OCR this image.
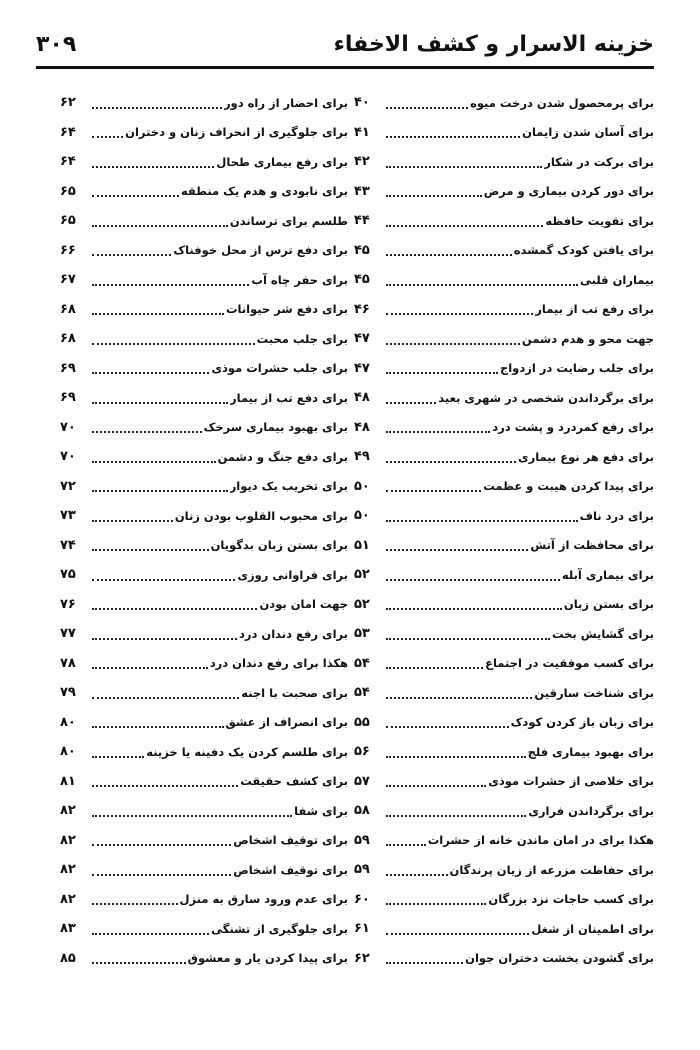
خزینه الاسرار و کشف الاخفاء
۳۰۹
برای پرمحصول شدن درخت میوه
۴۰
برای آسان شدن زایمان
۴۱
برای برکت در شکار
۴۲
برای دور کردن بیماری و مرض
۴۳
برای تقویت حافظه
۴۴
برای یافتن کودک گمشده
۴۵
بیماران قلبی
۴۵
برای رفع تب از بیمار
۴۶
جهت محو و هدم دشمن
۴۷
برای جلب رضایت در ازدواج
۴۷
برای برگرداندن شخصی در شهری بعید
۴۸
برای رفع کمردرد و پشت درد
۴۸
برای دفع هر نوع بیماری
۴۹
برای پیدا کردن هیبت و عظمت
۵۰
برای درد ناف
۵۰
برای محافظت از آتش
۵۱
برای بیماری آبله
۵۲
برای بستن زبان
۵۲
برای گشایش بخت
۵۳
برای کسب موفقیت در اجتماع
۵۴
برای شناخت سارقین
۵۴
برای زبان باز کردن کودک
۵۵
برای بهبود بیماری فلج
۵۶
برای خلاصی از حشرات موذی
۵۷
برای برگرداندن فراری
۵۸
هکذا برای در امان ماندن خانه از حشرات
۵۹
برای حفاظت مزرعه از زیان پرندگان
۵۹
برای کسب حاجات نزد بزرگان
۶۰
برای اطمینان از شغل
۶۱
برای گشودن بخشت دختران جوان
۶۲
برای احضار از راه دور
۶۲
برای جلوگیری از انحراف زنان و دختران
۶۴
برای رفع بیماری طحال
۶۴
برای نابودی و هدم یک منطقه
۶۵
طلسم برای ترساندن
۶۵
برای دفع ترس از محل خوفناک
۶۶
برای حفر چاه آب
۶۷
برای دفع شر حیوانات
۶۸
برای جلب محبت
۶۸
برای جلب حشرات موذی
۶۹
برای دفع تب از بیمار
۶۹
برای بهبود بیماری سرخک
۷۰
برای دفع جنگ و دشمن
۷۰
برای تخریب یک دیوار
۷۲
برای محبوب القلوب بودن زنان
۷۳
برای بستن زبان بدگویان
۷۴
برای فراوانی روزی
۷۵
جهت امان بودن
۷۶
برای رفع دندان درد
۷۷
هکذا برای رفع دندان درد
۷۸
برای صحبت با اجنه
۷۹
برای انصراف از عشق
۸۰
برای طلسم کردن یک دفینه یا خزینه
۸۰
برای کشف حقیقت
۸۱
برای شفا
۸۲
برای توقیف اشخاص
۸۲
برای توقیف اشخاص
۸۲
برای عدم ورود سارق به منزل
۸۲
برای جلوگیری از تشنگی
۸۳
برای پیدا کردن یار و معشوق
۸۵
